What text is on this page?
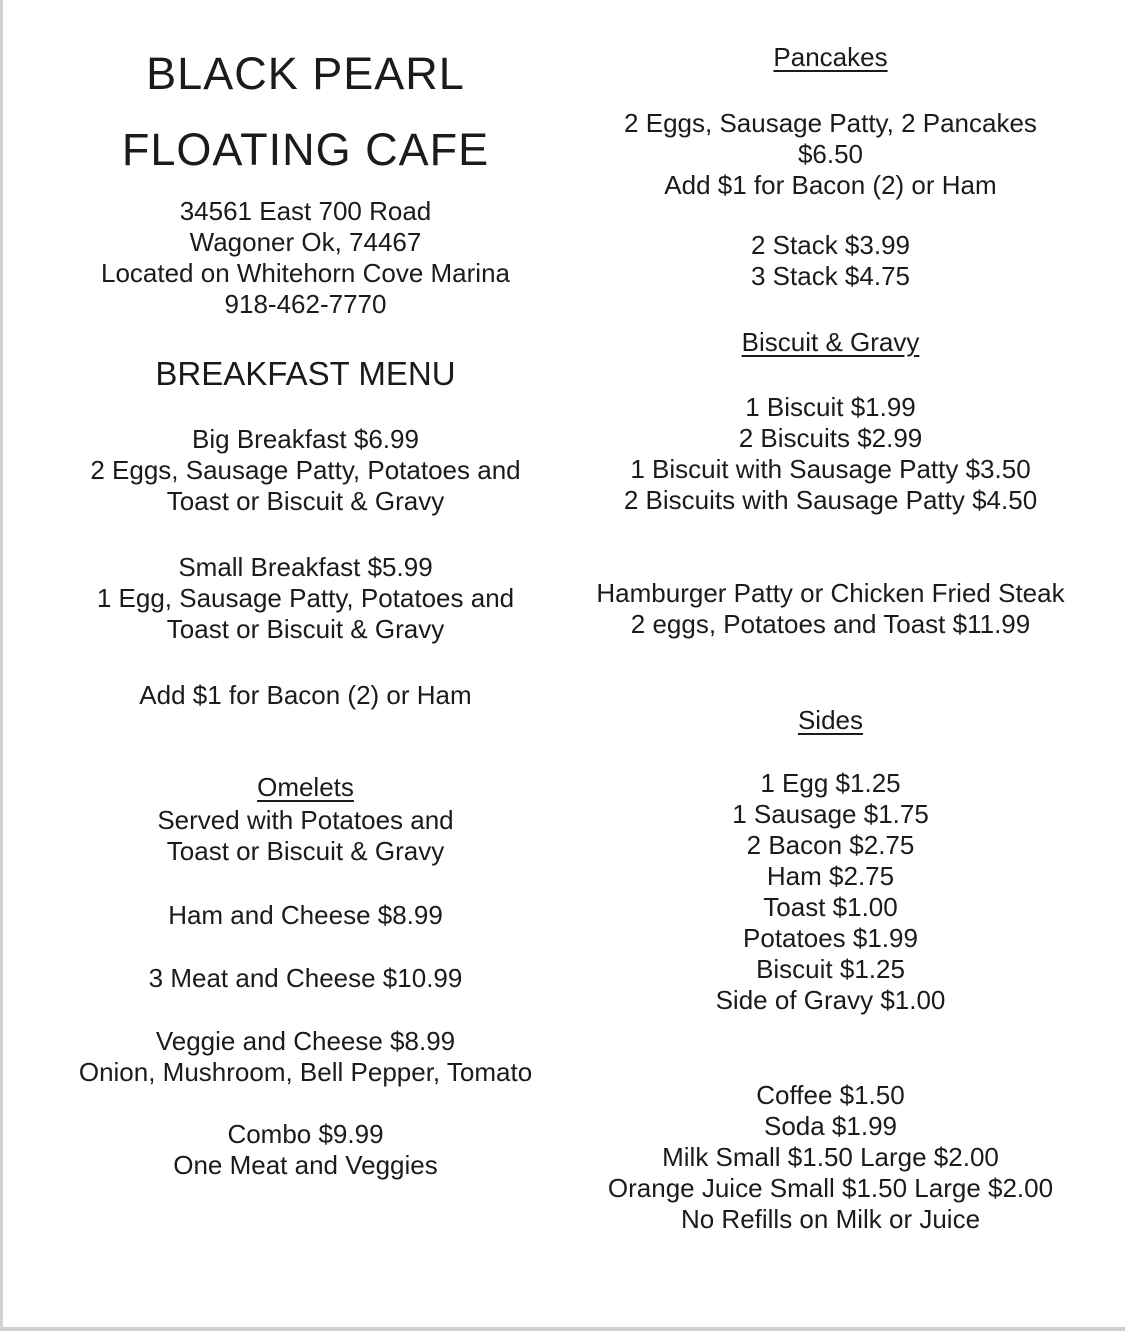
BLACK PEARL
FLOATING CAFE
34561 East 700 Road
Wagoner Ok, 74467
Located on Whitehorn Cove Marina
918-462-7770
BREAKFAST MENU
Big Breakfast $6.99
2 Eggs, Sausage Patty, Potatoes and
Toast or Biscuit & Gravy
Small Breakfast $5.99
1 Egg, Sausage Patty, Potatoes and
Toast or Biscuit & Gravy
Add $1 for Bacon (2) or Ham
Omelets
Served with Potatoes and
Toast or Biscuit & Gravy
Ham and Cheese $8.99
3 Meat and Cheese $10.99
Veggie and Cheese $8.99
Onion, Mushroom, Bell Pepper, Tomato
Combo $9.99
One Meat and Veggies
Pancakes
2 Eggs, Sausage Patty, 2 Pancakes
$6.50
Add $1 for Bacon (2) or Ham
2 Stack $3.99
3 Stack $4.75
Biscuit & Gravy
1 Biscuit $1.99
2 Biscuits $2.99
1 Biscuit with Sausage Patty $3.50
2 Biscuits with Sausage Patty $4.50
Hamburger Patty or Chicken Fried Steak
2 eggs, Potatoes and Toast $11.99
Sides
1 Egg $1.25
1 Sausage $1.75
2 Bacon $2.75
Ham $2.75
Toast $1.00
Potatoes $1.99
Biscuit $1.25
Side of Gravy $1.00
Coffee $1.50
Soda $1.99
Milk Small $1.50 Large $2.00
Orange Juice Small $1.50 Large $2.00
No Refills on Milk or Juice
